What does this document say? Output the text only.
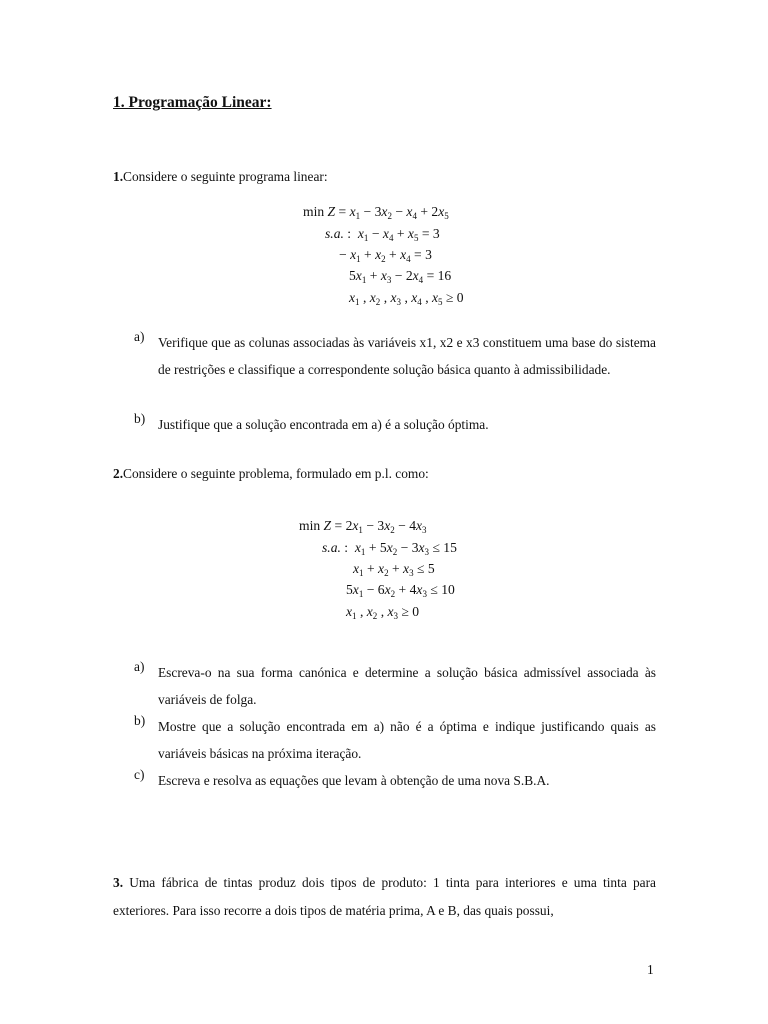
1. Programação Linear:
1.Considere o seguinte programa linear:
$\min Z = x_1 - 3x_2 - x_4 + 2x_5$
s.a. :  $x_1 - x_4 + x_5 = 3$
− $x_1 + x_2 + x_4 = 3$
$5x_1 + x_3 - 2x_4 = 16$
$x_1$ , $x_2$ , $x_3$ , $x_4$ , $x_5 \ge 0$
a) Verifique que as colunas associadas às variáveis x1, x2 e x3 constituem uma base do sistema de restrições e classifique a correspondente solução básica quanto à admissibilidade.
b) Justifique que a solução encontrada em a) é a solução óptima.
2.Considere o seguinte problema, formulado em p.l. como:
$\min Z = 2x_1 - 3x_2 - 4x_3$
s.a. :  $x_1 + 5x_2 - 3x_3 \le 15$
$x_1 + x_2 + x_3 \le 5$
$5x_1 - 6x_2 + 4x_3 \le 10$
$x_1$ , $x_2$ , $x_3 \ge 0$
a) Escreva-o na sua forma canónica e determine a solução básica admissível associada às variáveis de folga.
b) Mostre que a solução encontrada em a) não é a óptima e indique justificando quais as variáveis básicas na próxima iteração.
c) Escreva e resolva as equações que levam à obtenção de uma nova S.B.A.
3. Uma fábrica de tintas produz dois tipos de produto: 1 tinta para interiores e uma tinta para exteriores. Para isso recorre a dois tipos de matéria prima, A e B, das quais possui,
1
